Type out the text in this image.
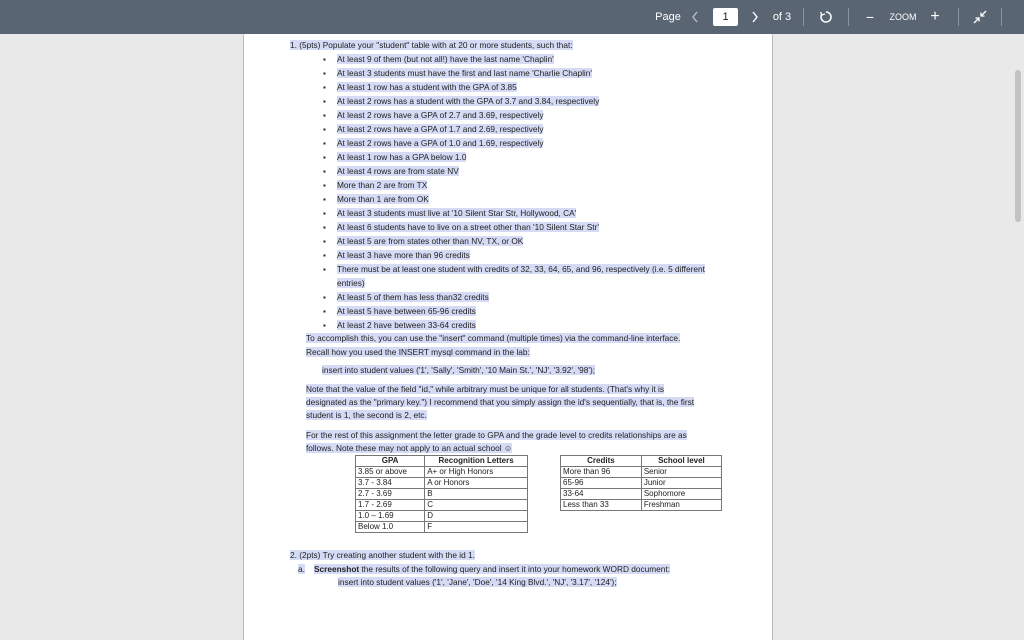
Page	1	of 3	−	ZOOM +
1. (5pts) Populate your "student" table with at 20 or more students, such that:
▪ At least 9 of them (but not all!) have the last name 'Chaplin'
▪ At least 3 students must have the first and last name 'Charlie Chaplin'
▪ At least 1 row has a student with the GPA of 3.85
▪ At least 2 rows has a student with the GPA of 3.7 and 3.84, respectively
▪ At least 2 rows have a GPA of 2.7 and 3.69, respectively
▪ At least 2 rows have a GPA of 1.7 and 2.69, respectively
▪ At least 2 rows have a GPA of 1.0 and 1.69, respectively
▪ At least 1 row has a GPA below 1.0
▪ At least 4 rows are from state NV
▪ More than 2 are from TX
▪ More than 1 are from OK
▪ At least 3 students must live at '10 Silent Star Str, Hollywood, CA'
▪ At least 6 students have to live on a street other than '10 Silent Star Str'
▪ At least 5 are from states other than NV, TX, or OK
▪ At least 3 have more than 96 credits
▪ There must be at least one student with credits of 32, 33, 64, 65, and 96, respectively (i.e. 5 different
▪ At least 5 of them has less than32 credits
▪ At least 5 have between 65-96 credits
▪ At least 2 have between 33-64 credits
entries)
To accomplish this, you can use the "insert" command (multiple times) via the command-line interface.
Recall how you used the INSERT mysql command in the lab:
insert into student values ('1', 'Sally', 'Smith', '10 Main St.', 'NJ', '3.92', '98');
Note that the value of the field "id," while arbitrary must be unique for all students. (That's why it is
designated as the "primary key.") I recommend that you simply assign the id's sequentially, that is, the first
student is 1, the second is 2, etc.
For the rest of this assignment the letter grade to GPA and the grade level to credits relationships are as
follows. Note these may not apply to an actual school ☺
GPA	Recognition Letters
3.85 or above	A+ or High Honors
3.7 - 3.84	A or Honors
2.7 - 3.69	B
1.7 - 2.69	C
1.0 – 1.69	D
Below 1.0	F
Credits	School level
More than 96	Senior
65-96	Junior
33-64	Sophomore
Less than 33	Freshman
2. (2pts) Try creating another student with the id 1.
a. Screenshot the results of the following query and insert it into your homework WORD document:
insert into student values ('1', 'Jane', 'Doe', '14 King Blvd.', 'NJ', '3.17', '124');
